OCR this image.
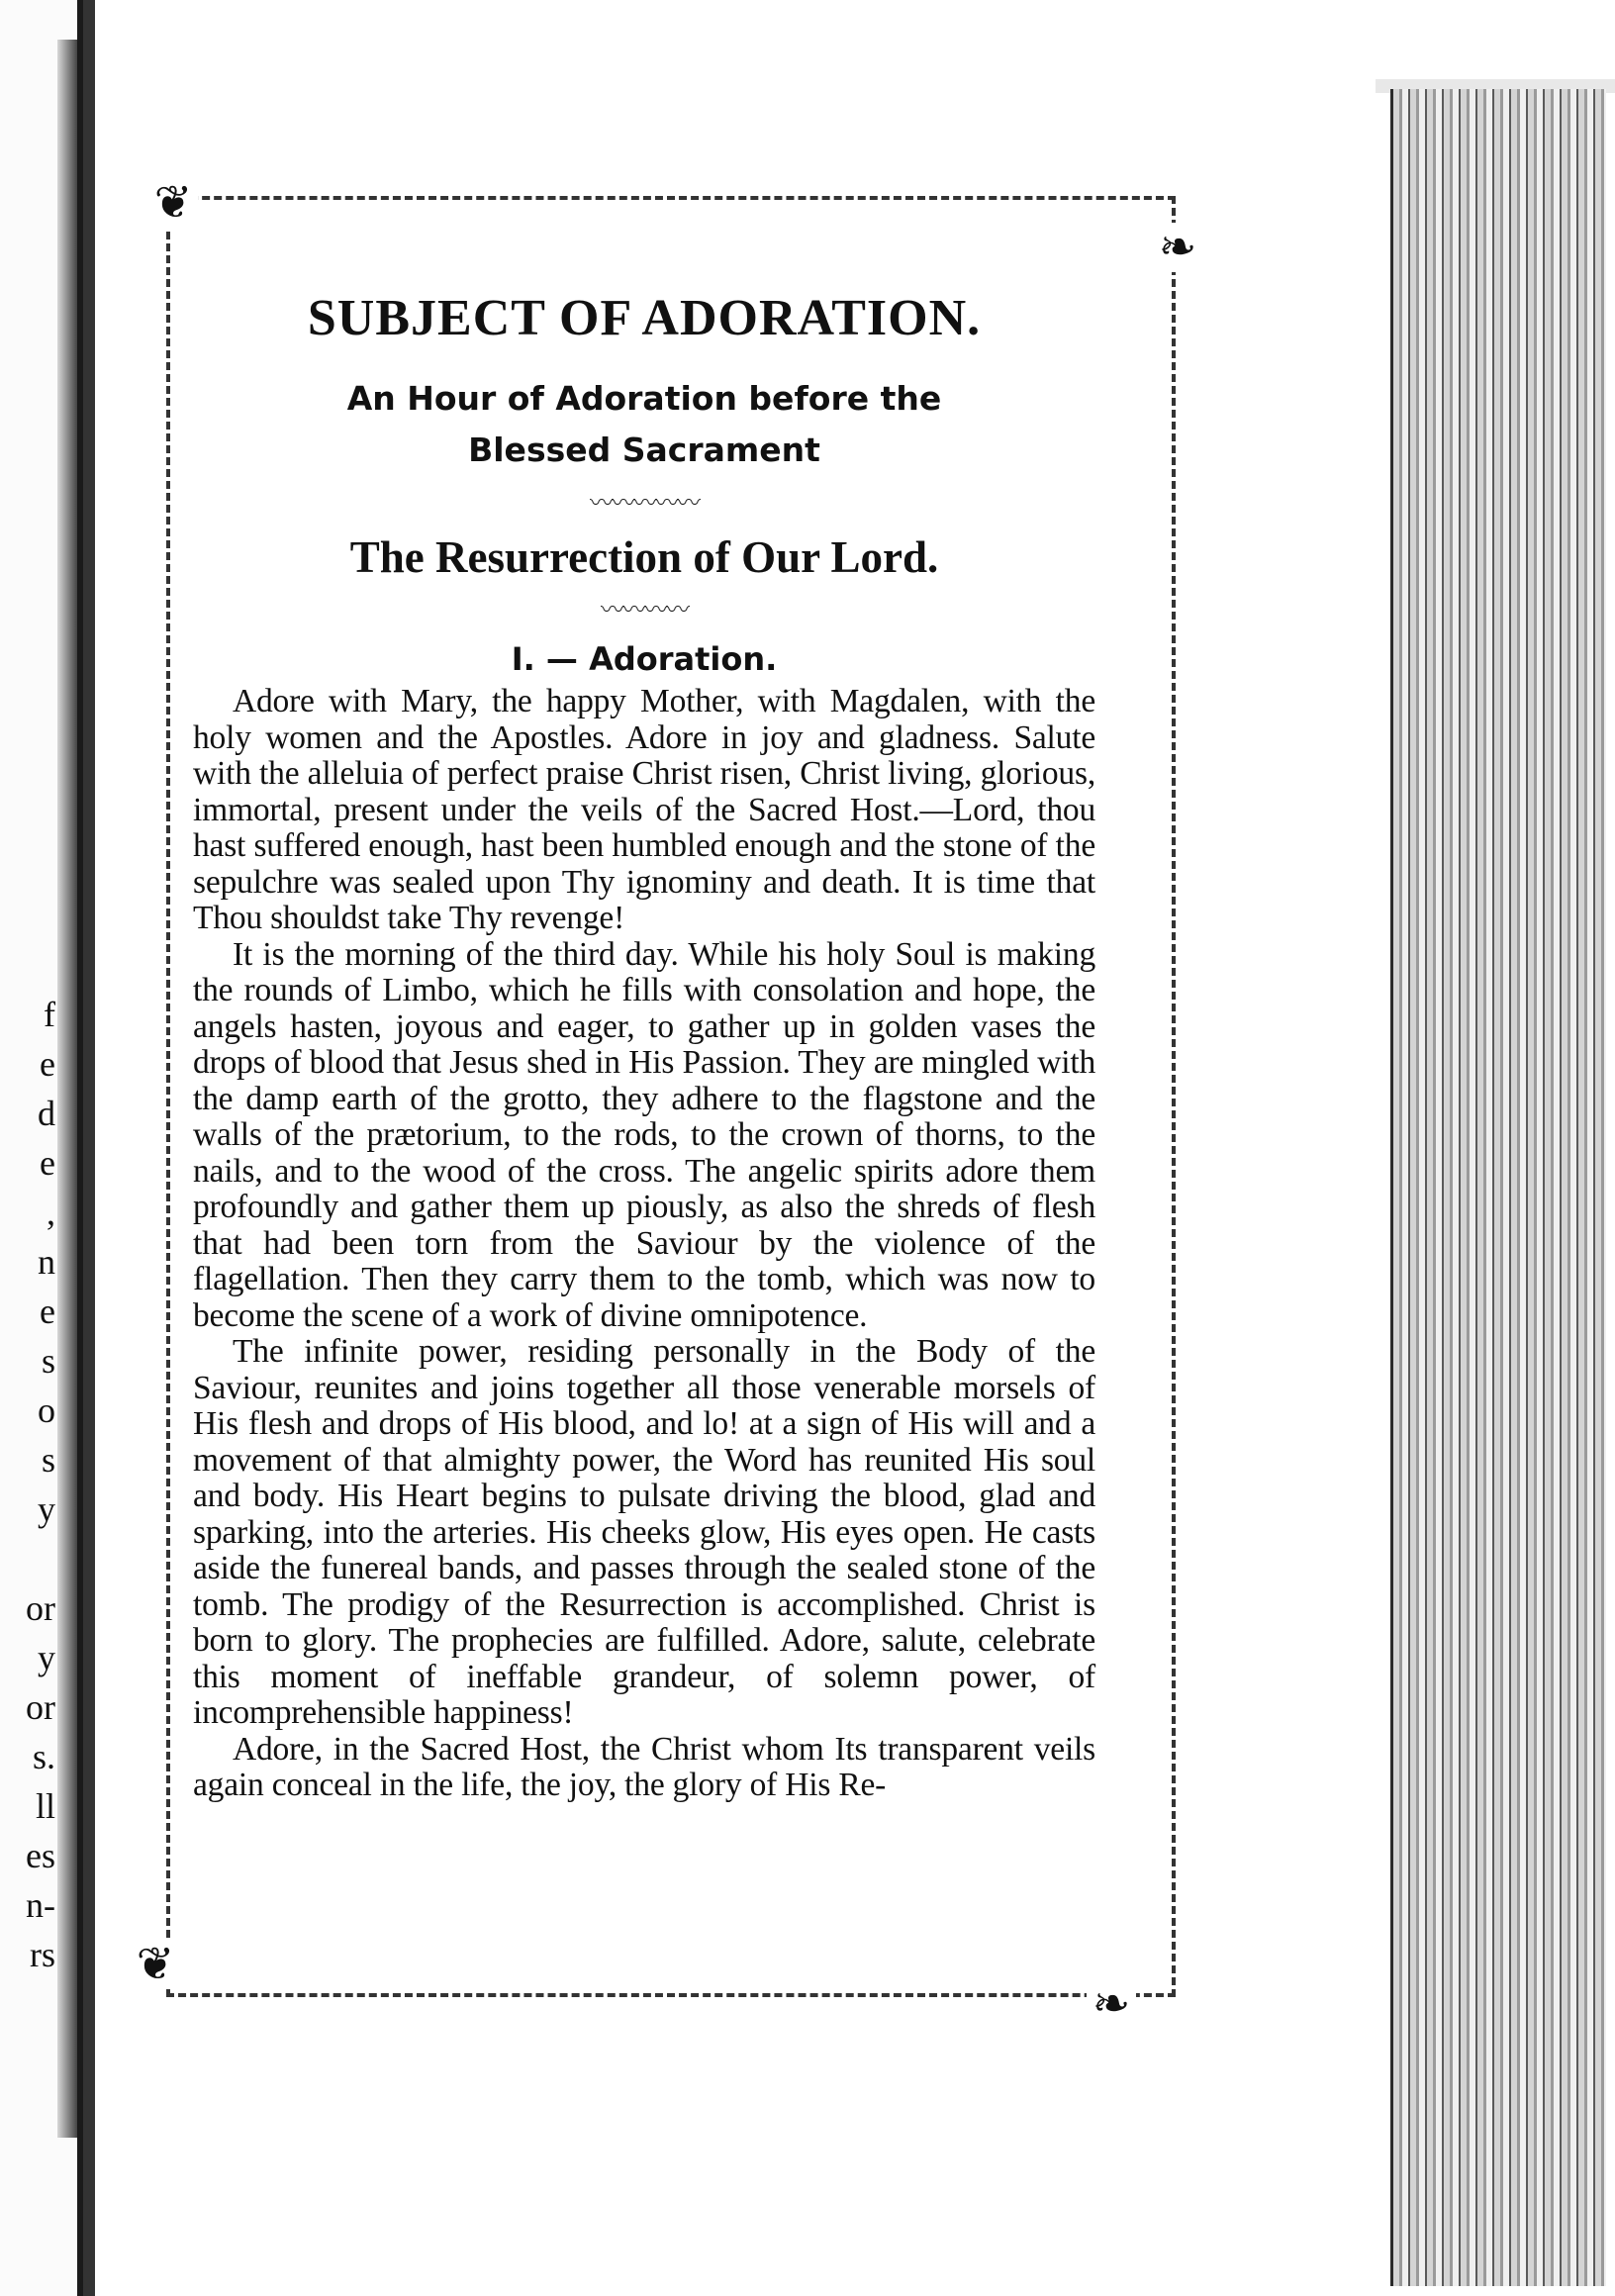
f
e
d
e
,
n
e
s
o
s
y
or
y
or
s.
ll
es
n-
rs
❦
❧
❦
❧
SUBJECT OF ADORATION.

An Hour of Adoration before the

Blessed Sacrament

〰〰〰〰〰
The Resurrection of Our Lord.
〰〰〰〰
I. — Adoration.

Adore with Mary, the happy Mother, with Magdalen, with the holy women and the Apostles. Adore in joy and gladness. Salute with the alleluia of perfect praise Christ risen, Christ living, glorious, immortal, present under the veils of the Sacred Host.—Lord, thou hast suffered enough, hast been humbled enough and the stone of the sepulchre was sealed upon Thy ignominy and death. It is time that Thou shouldst take Thy revenge!

It is the morning of the third day. While his holy Soul is making the rounds of Limbo, which he fills with consolation and hope, the angels hasten, joyous and eager, to gather up in golden vases the drops of blood that Jesus shed in His Passion. They are mingled with the damp earth of the grotto, they adhere to the flagstone and the walls of the prætorium, to the rods, to the crown of thorns, to the nails, and to the wood of the cross. The angelic spirits adore them profoundly and gather them up piously, as also the shreds of flesh that had been torn from the Saviour by the violence of the flagellation. Then they carry them to the tomb, which was now to become the scene of a work of divine omnipotence.

The infinite power, residing personally in the Body of the Saviour, reunites and joins together all those venerable morsels of His flesh and drops of His blood, and lo! at a sign of His will and a movement of that almighty power, the Word has reunited His soul and body. His Heart begins to pulsate driving the blood, glad and sparking, into the arteries. His cheeks glow, His eyes open. He casts aside the funereal bands, and passes through the sealed stone of the tomb. The prodigy of the Resurrection is accomplished. Christ is born to glory. The prophecies are fulfilled. Adore, salute, celebrate this moment of ineffable grandeur, of solemn power, of incomprehensible happiness!

Adore, in the Sacred Host, the Christ whom Its transparent veils again conceal in the life, the joy, the glory of His Re-
